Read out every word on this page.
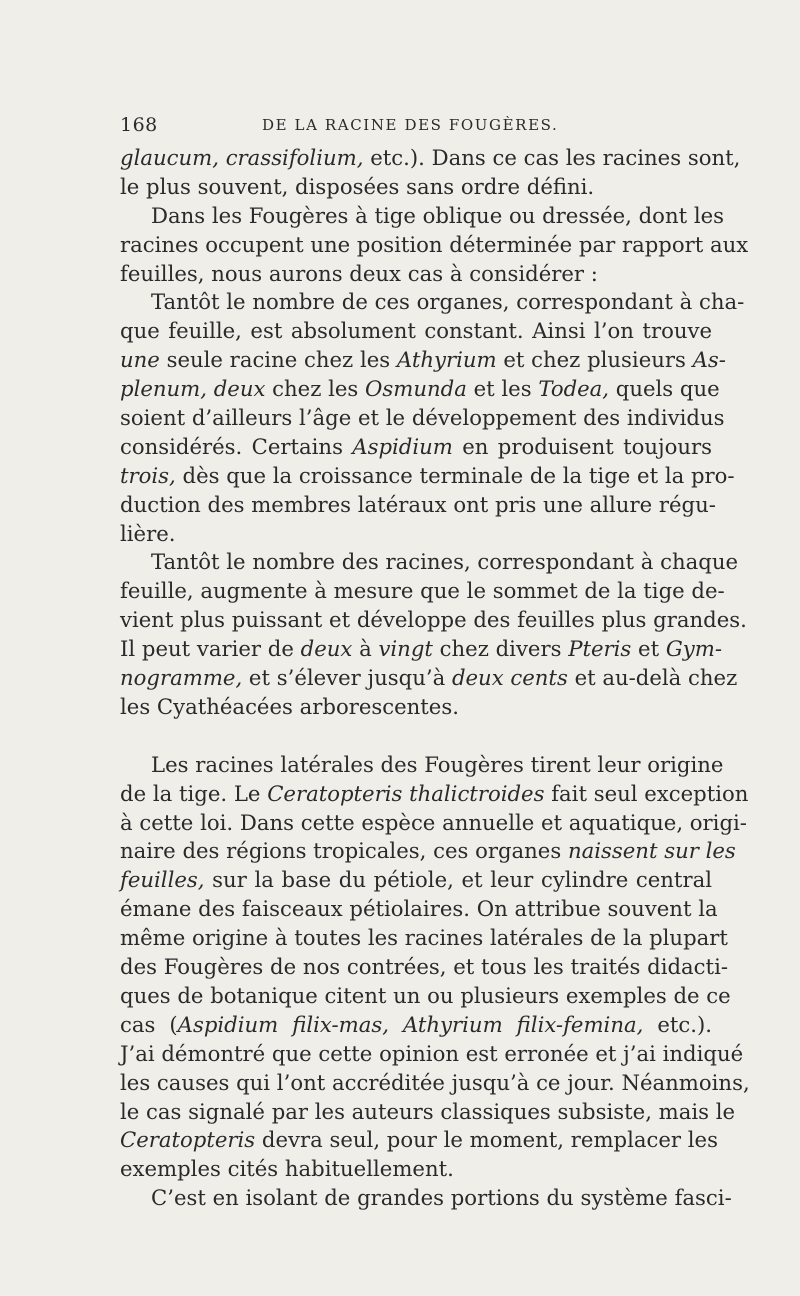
168	DE LA RACINE DES FOUGÈRES.
glaucum, crassifolium, etc.). Dans ce cas les racines sont,
le plus souvent, disposées sans ordre défini.
Dans les Fougères à tige oblique ou dressée, dont les
racines occupent une position déterminée par rapport aux
feuilles, nous aurons deux cas à considérer :
Tantôt le nombre de ces organes, correspondant à cha-
que feuille, est absolument constant. Ainsi l’on trouve
une seule racine chez les Athyrium et chez plusieurs As-
plenum, deux chez les Osmunda et les Todea, quels que
soient d’ailleurs l’âge et le développement des individus
considérés. Certains Aspidium en produisent toujours
trois, dès que la croissance terminale de la tige et la pro-
duction des membres latéraux ont pris une allure régu-
lière.
Tantôt le nombre des racines, correspondant à chaque
feuille, augmente à mesure que le sommet de la tige de-
vient plus puissant et développe des feuilles plus grandes.
Il peut varier de deux à vingt chez divers Pteris et Gym-
nogramme, et s’élever jusqu’à deux cents et au-delà chez
les Cyathéacées arborescentes.
Les racines latérales des Fougères tirent leur origine
de la tige. Le Ceratopteris thalictroides fait seul exception
à cette loi. Dans cette espèce annuelle et aquatique, origi-
naire des régions tropicales, ces organes naissent sur les
feuilles, sur la base du pétiole, et leur cylindre central
émane des faisceaux pétiolaires. On attribue souvent la
même origine à toutes les racines latérales de la plupart
des Fougères de nos contrées, et tous les traités didacti-
ques de botanique citent un ou plusieurs exemples de ce
cas (Aspidium filix-mas, Athyrium filix-femina, etc.).
J’ai démontré que cette opinion est erronée et j’ai indiqué
les causes qui l’ont accréditée jusqu’à ce jour. Néanmoins,
le cas signalé par les auteurs classiques subsiste, mais le
Ceratopteris devra seul, pour le moment, remplacer les
exemples cités habituellement.
C’est en isolant de grandes portions du système fasci-
